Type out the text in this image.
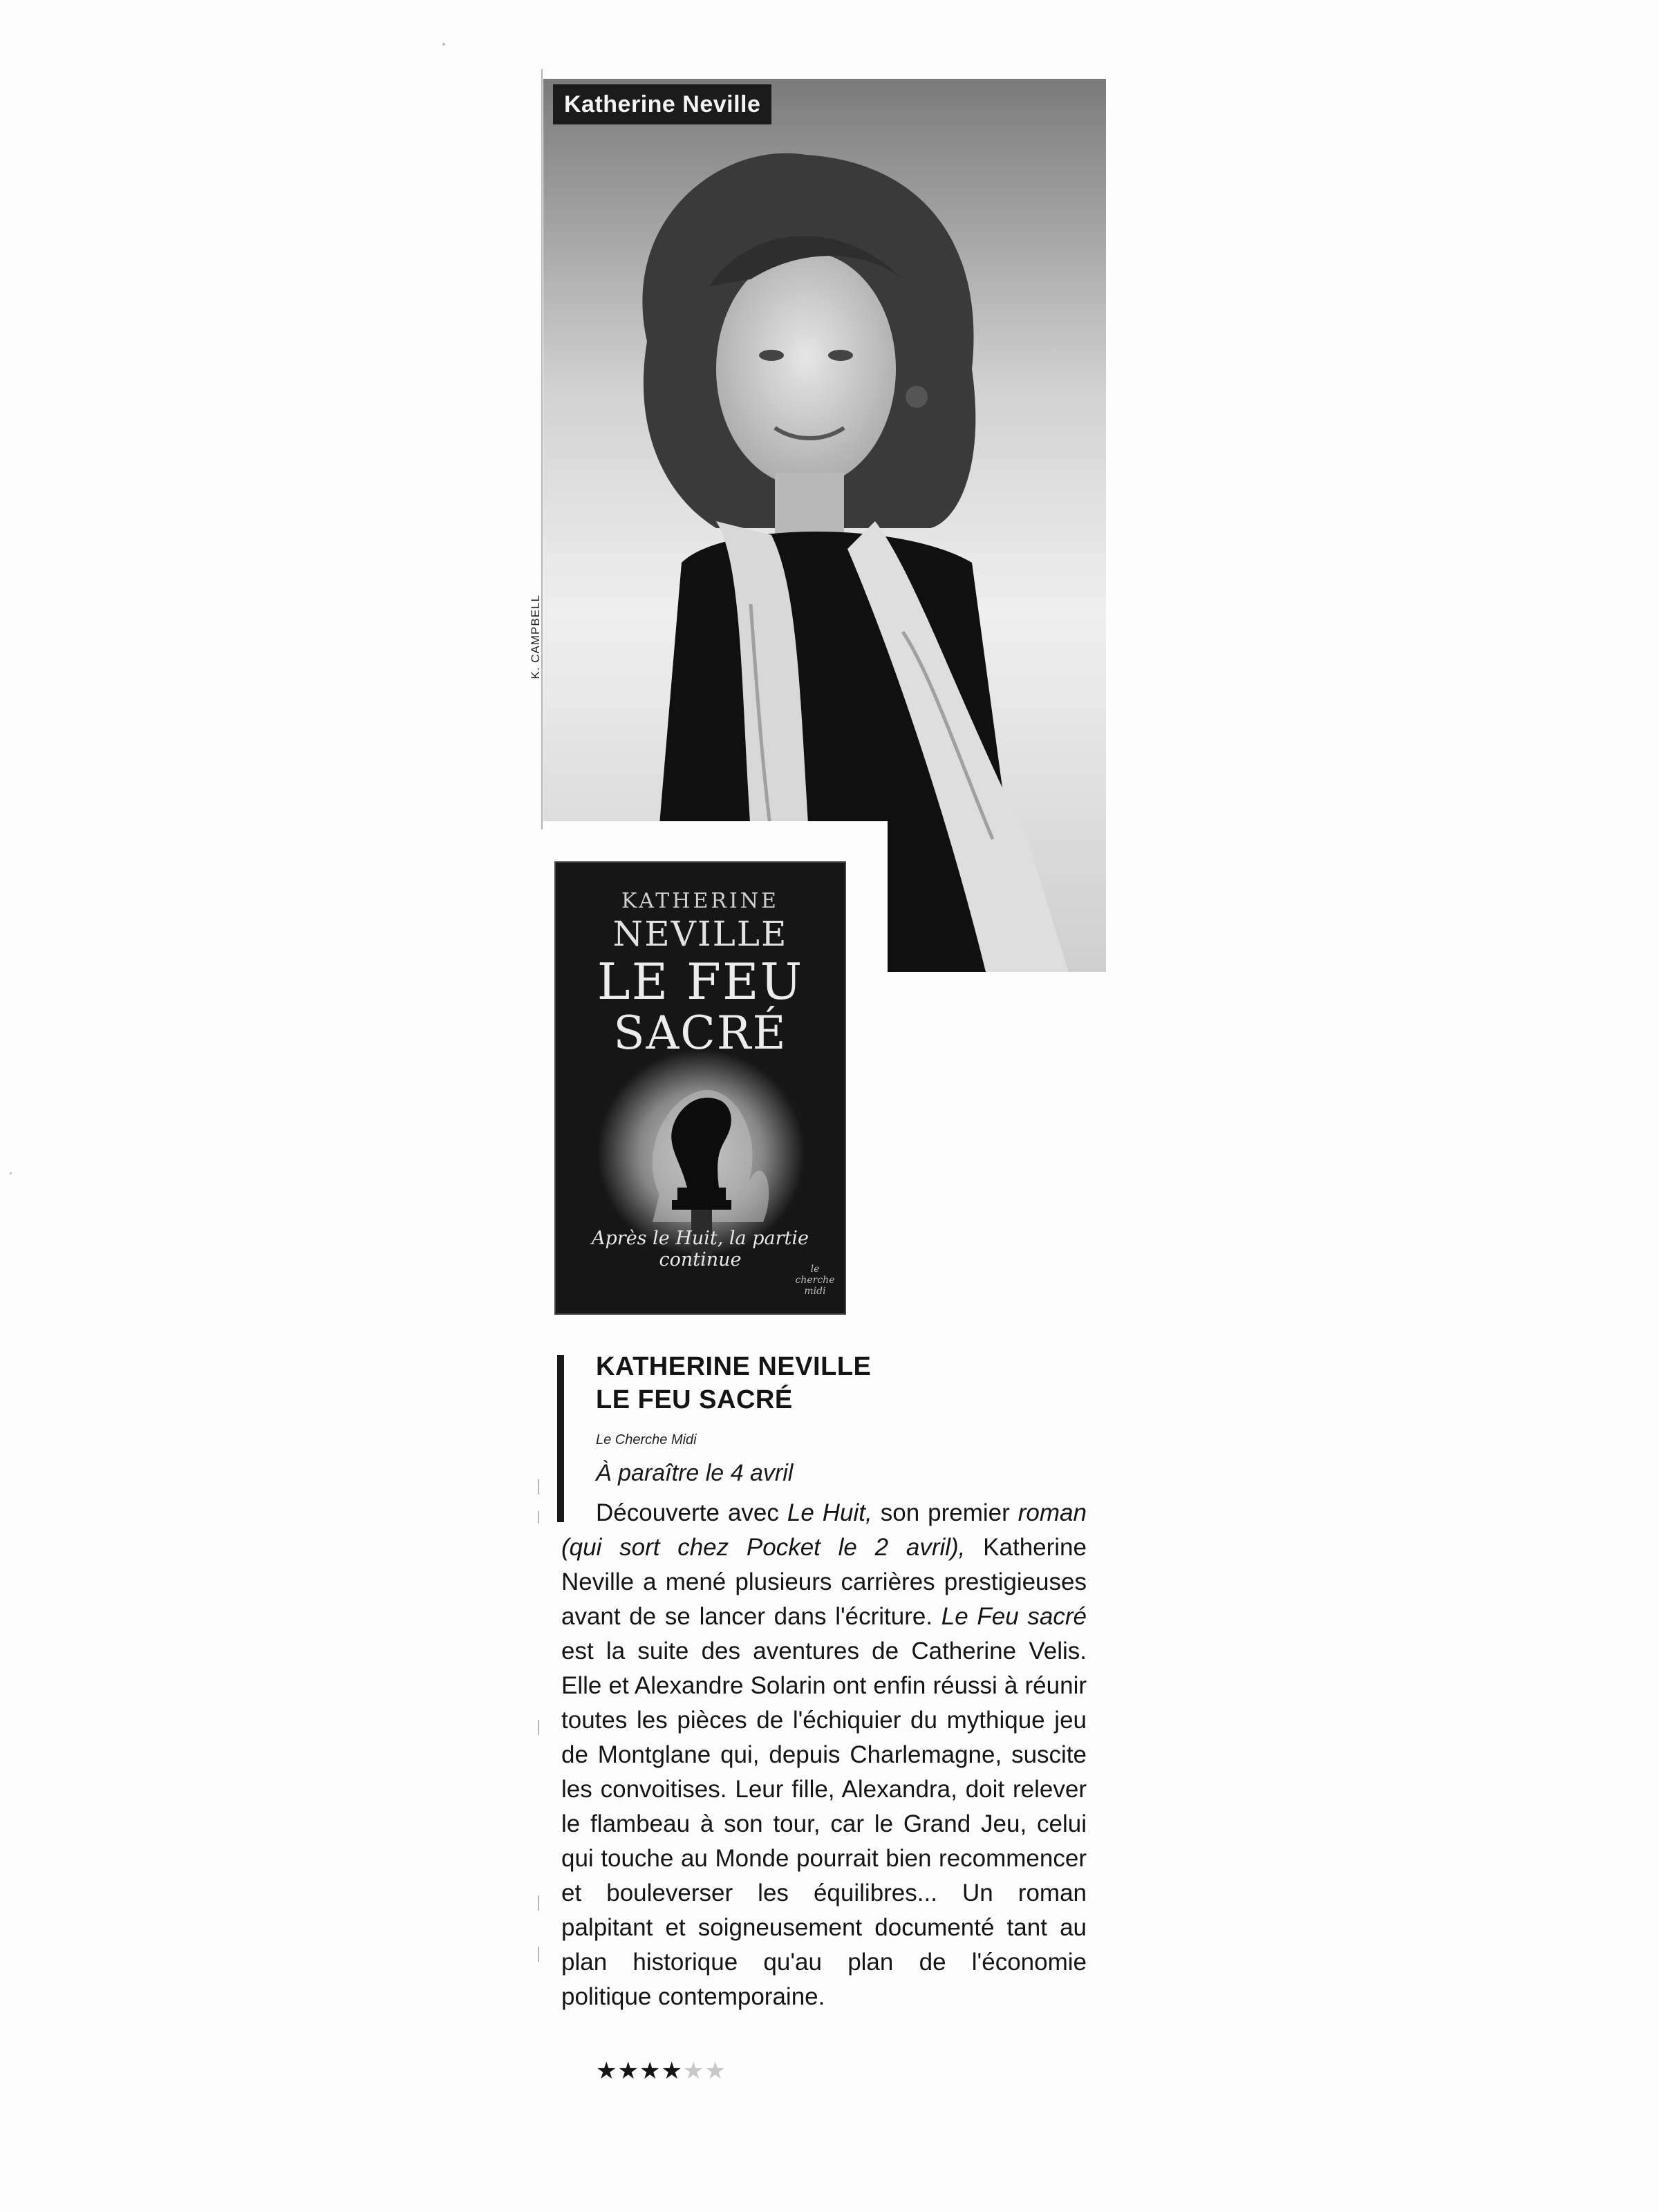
Katherine Neville
K. CAMPBELL
KATHERINE
NEVILLE
LE FEU
SACRÉ
Après le Huit, la partie continue	le cherche midi
KATHERINE NEVILLE
LE FEU SACRÉ
Le Cherche Midi
À paraître le 4 avril
Découverte avec Le Huit, son premier roman (qui sort chez Pocket le 2 avril), Katherine Neville a mené plusieurs carrières prestigieuses avant de se lancer dans l'écriture. Le Feu sacré est la suite des aventures de Catherine Velis. Elle et Alexandre Solarin ont enfin réussi à réunir toutes les pièces de l'échiquier du mythique jeu de Montglane qui, depuis Charlemagne, suscite les convoitises. Leur fille, Alexandra, doit relever le flambeau à son tour, car le Grand Jeu, celui qui touche au Monde pourrait bien recommencer et bouleverser les équilibres... Un roman palpitant et soigneusement documenté tant au plan historique qu'au plan de l'économie politique contemporaine.
★★★★★★
